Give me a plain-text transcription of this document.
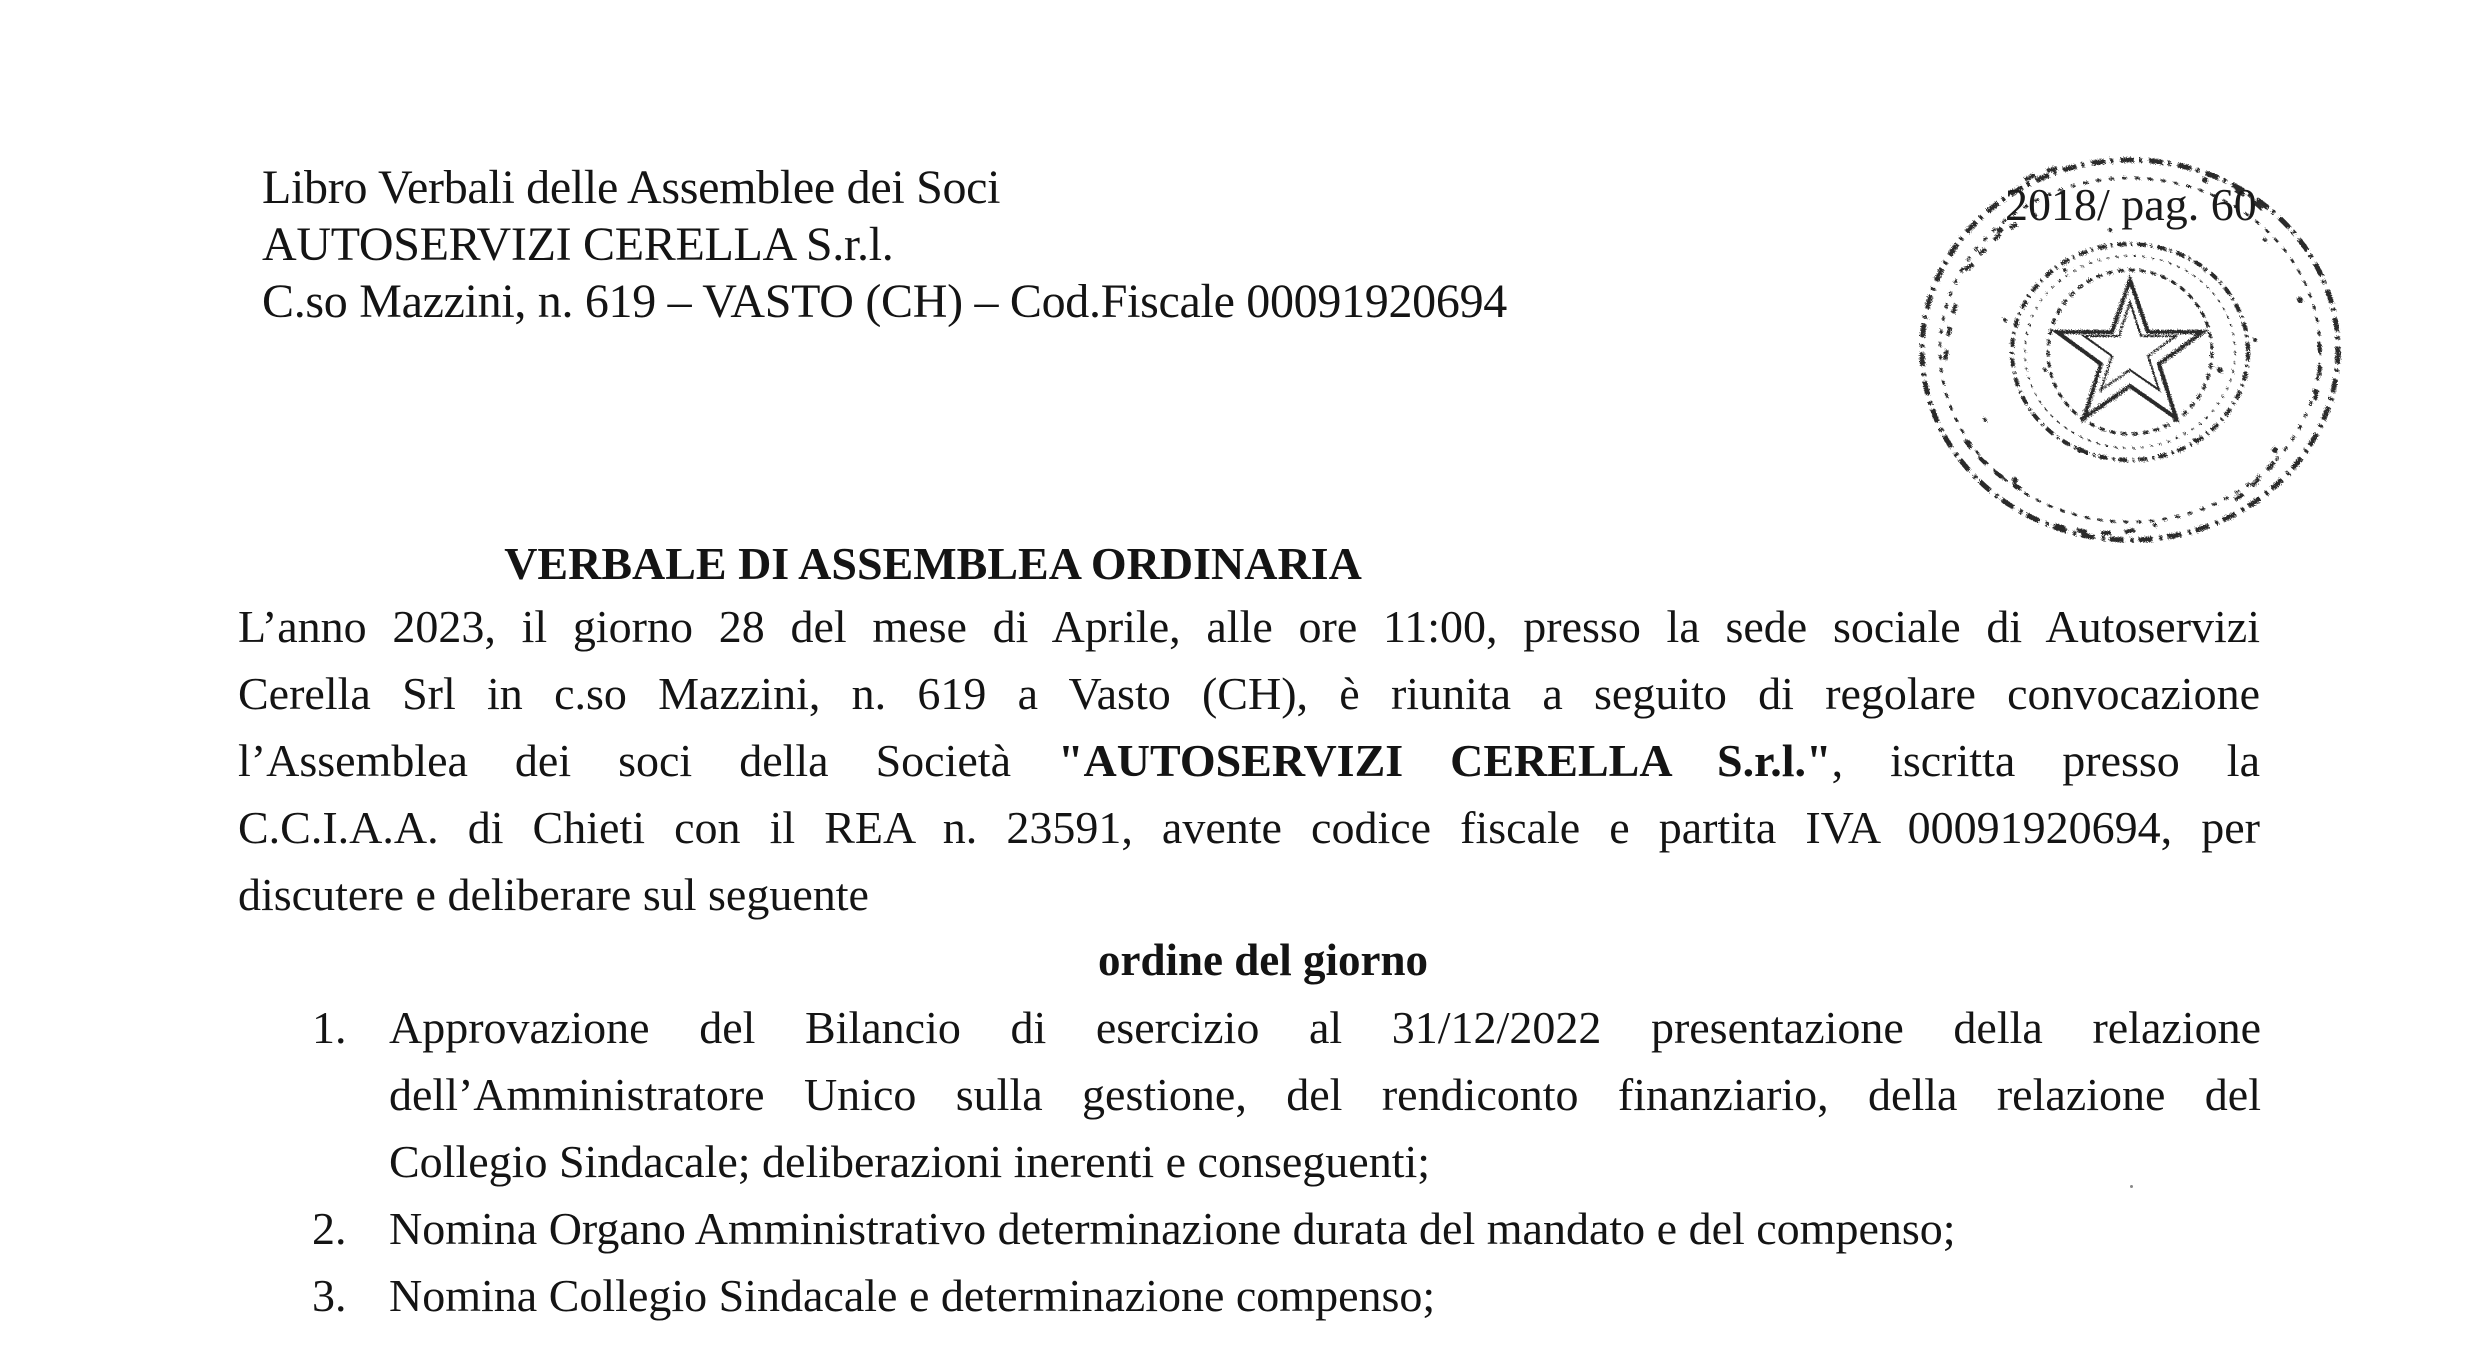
Libro Verbali delle Assemblee dei Soci
AUTOSERVIZI CERELLA S.r.l.
C.so Mazzini, n. 619 – VASTO (CH) – Cod.Fiscale 00091920694
2018/ pag. 60
VERBALE DI ASSEMBLEA ORDINARIA
L’anno 2023, il giorno 28 del mese di Aprile, alle ore 11:00, presso la sede sociale di Autoservizi
Cerella Srl in c.so Mazzini, n. 619 a Vasto (CH), è riunita a seguito di regolare convocazione
l’Assemblea dei soci della Società "AUTOSERVIZI CERELLA S.r.l.", iscritta presso la
C.C.I.A.A. di Chieti con il REA n. 23591, avente codice fiscale e partita IVA 00091920694, per
discutere e deliberare sul seguente
ordine del giorno
1. Approvazione del Bilancio di esercizio al 31/12/2022 presentazione della relazione
dell’Amministratore Unico sulla gestione, del rendiconto finanziario, della relazione del
Collegio Sindacale; deliberazioni inerenti e conseguenti;
2. Nomina Organo Amministrativo determinazione durata del mandato e del compenso;
3. Nomina Collegio Sindacale e determinazione compenso;
